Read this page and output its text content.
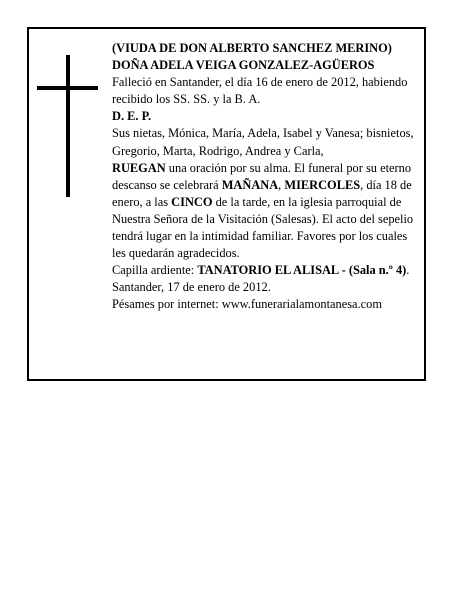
(VIUDA DE DON ALBERTO SANCHEZ MERINO)

DOÑA ADELA VEIGA GONZALEZ-AGÜEROS

Falleció en Santander, el día 16 de enero de 2012, habiendo recibido los SS. SS. y la B. A.

D. E. P.

Sus nietas, Mónica, María, Adela, Isabel y Vanesa; bisnietos, Gregorio, Marta, Rodrigo, Andrea y Carla,

RUEGAN una oración por su alma. El funeral por su eterno descanso se celebrará MAÑANA, MIERCOLES, día 18 de enero, a las CINCO de la tarde, en la iglesia parroquial de Nuestra Señora de la Visitación (Salesas). El acto del sepelio tendrá lugar en la intimidad familiar. Favores por los cuales les quedarán agradecidos.

Capilla ardiente: TANATORIO EL ALISAL - (Sala n.º 4).

Santander, 17 de enero de 2012.

Pésames por internet: www.funerarialamontanesa.com
